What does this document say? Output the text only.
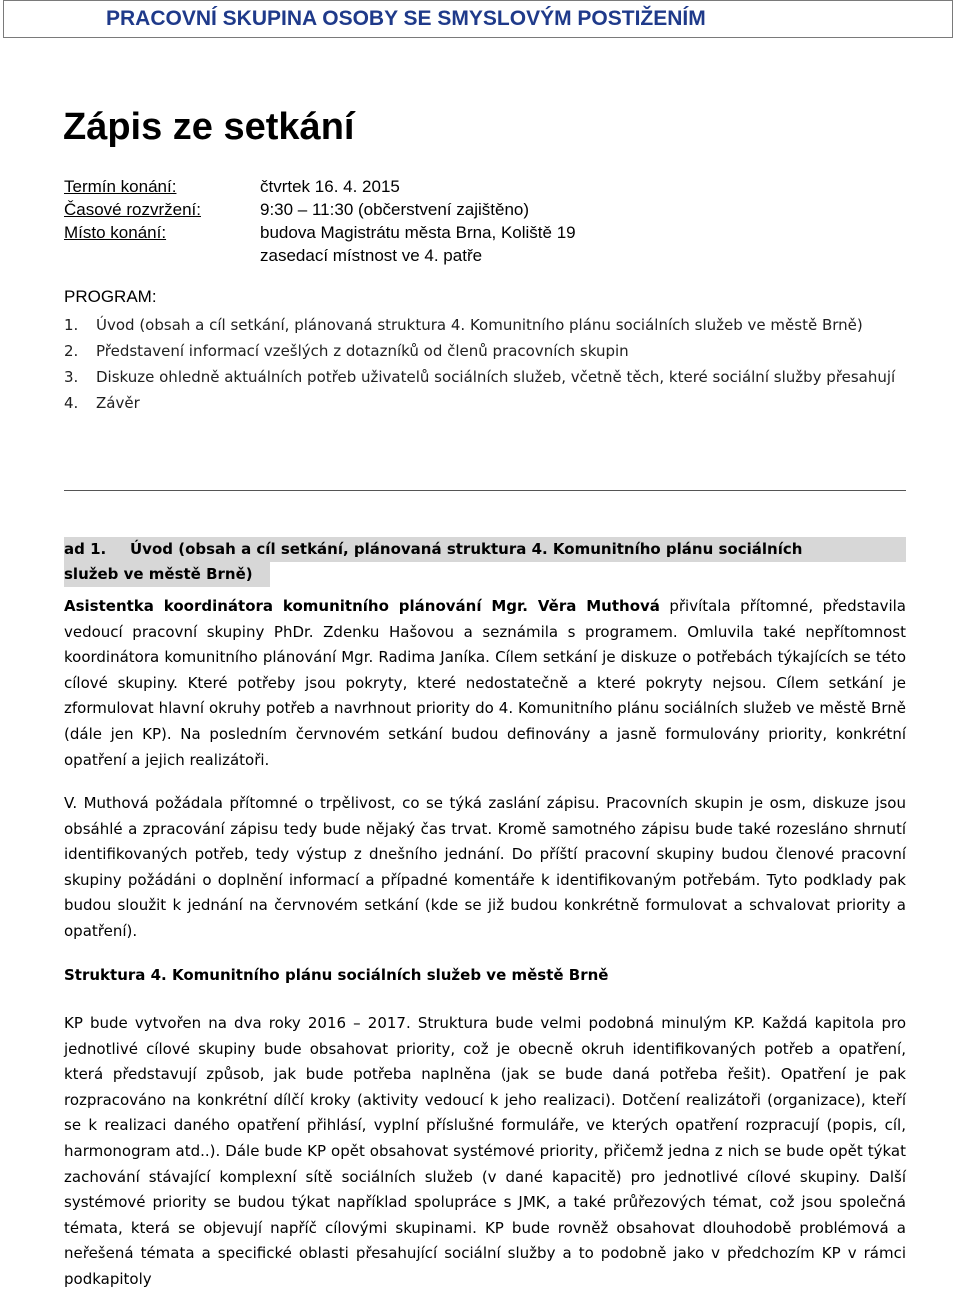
PRACOVNÍ SKUPINA OSOBY SE SMYSLOVÝM POSTIŽENÍM
Zápis ze setkání
Termín konání:	čtvrtek 16. 4. 2015
Časové rozvržení:	9:30 – 11:30 (občerstvení zajištěno)
Místo konání:	budova Magistrátu města Brna, Koliště 19
zasedací místnost ve 4. patře
PROGRAM:
1. Úvod (obsah a cíl setkání, plánovaná struktura 4. Komunitního plánu sociálních služeb ve městě Brně)
2. Představení informací vzešlých z dotazníků od členů pracovních skupin
3. Diskuze ohledně aktuálních potřeb uživatelů sociálních služeb, včetně těch, které sociální služby přesahují
4. Závěr
ad 1. Úvod (obsah a cíl setkání, plánovaná struktura 4. Komunitního plánu sociálních
služeb ve městě Brně)

Asistentka koordinátora komunitního plánování Mgr. Věra Muthová přivítala přítomné, představila vedoucí pracovní skupiny PhDr. Zdenku Hašovou a seznámila s programem. Omluvila také nepřítomnost koordinátora komunitního plánování Mgr. Radima Janíka. Cílem setkání je diskuze o potřebách týkajících se této cílové skupiny. Které potřeby jsou pokryty, které nedostatečně a které pokryty nejsou. Cílem setkání je zformulovat hlavní okruhy potřeb a navrhnout priority do 4. Komunitního plánu sociálních služeb ve městě Brně (dále jen KP). Na posledním červnovém setkání budou definovány a jasně formulovány priority, konkrétní opatření a jejich realizátoři.

V. Muthová požádala přítomné o trpělivost, co se týká zaslání zápisu. Pracovních skupin je osm, diskuze jsou obsáhlé a zpracování zápisu tedy bude nějaký čas trvat. Kromě samotného zápisu bude také rozesláno shrnutí identifikovaných potřeb, tedy výstup z dnešního jednání. Do příští pracovní skupiny budou členové pracovní skupiny požádáni o doplnění informací a případné komentáře k identifikovaným potřebám. Tyto podklady pak budou sloužit k jednání na červnovém setkání (kde se již budou konkrétně formulovat a schvalovat priority a opatření).

Struktura 4. Komunitního plánu sociálních služeb ve městě Brně

KP bude vytvořen na dva roky 2016 – 2017. Struktura bude velmi podobná minulým KP. Každá kapitola pro jednotlivé cílové skupiny bude obsahovat priority, což je obecně okruh identifikovaných potřeb a opatření, která představují způsob, jak bude potřeba naplněna (jak se bude daná potřeba řešit). Opatření je pak rozpracováno na konkrétní dílčí kroky (aktivity vedoucí k jeho realizaci). Dotčení realizátoři (organizace), kteří se k realizaci daného opatření přihlásí, vyplní příslušné formuláře, ve kterých opatření rozpracují (popis, cíl, harmonogram atd..). Dále bude KP opět obsahovat systémové priority, přičemž jedna z nich se bude opět týkat zachování stávající komplexní sítě sociálních služeb (v dané kapacitě) pro jednotlivé cílové skupiny. Další systémové priority se budou týkat například spolupráce s JMK, a také průřezových témat, což jsou společná témata, která se objevují napříč cílovými skupinami. KP bude rovněž obsahovat dlouhodobě problémová a neřešená témata a specifické oblasti přesahující sociální služby a to podobně jako v předchozím KP v rámci podkapitoly
